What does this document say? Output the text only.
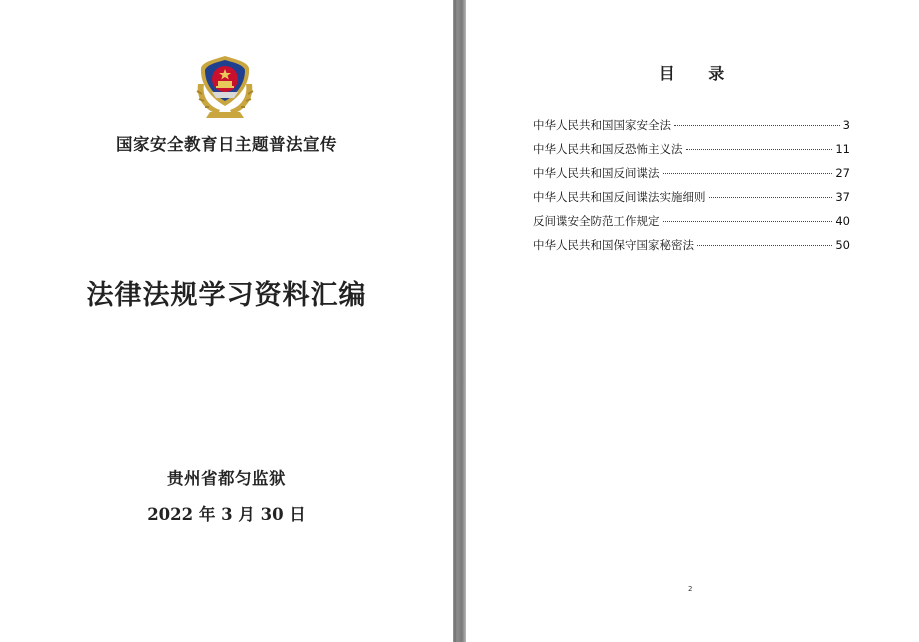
国家安全教育日主题普法宣传
法律法规学习资料汇编
贵州省都匀监狱
2022 年 3 月 30 日
目 录
中华人民共和国国家安全法	3
中华人民共和国反恐怖主义法	11
中华人民共和国反间谍法	27
中华人民共和国反间谍法实施细则	37
反间谍安全防范工作规定	40
中华人民共和国保守国家秘密法	50
2
